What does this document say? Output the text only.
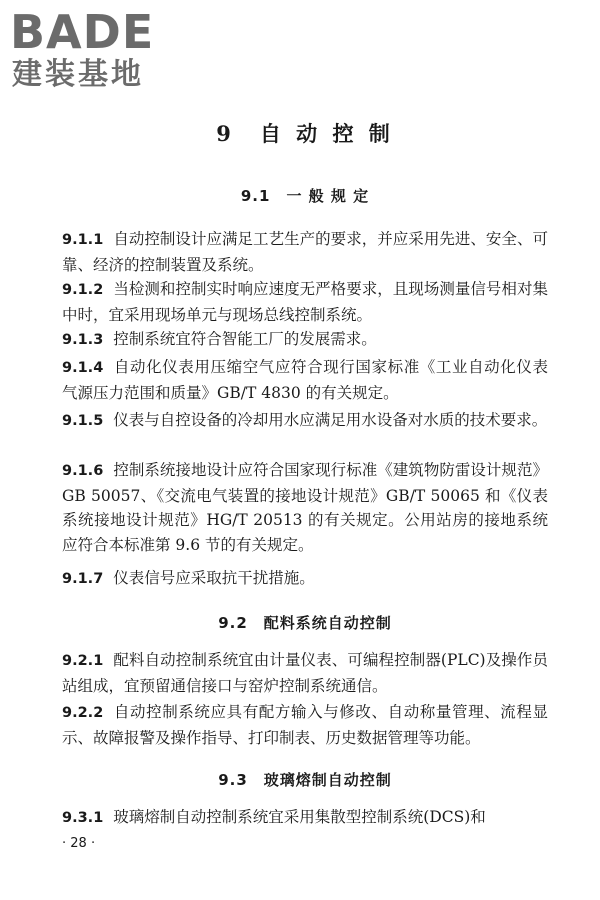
BADE
建装基地
9　自 动 控 制
9.1　一 般 规 定
9.1.1 自动控制设计应满足工艺生产的要求，并应采用先进、安全、可靠、经济的控制装置及系统。
9.1.2 当检测和控制实时响应速度无严格要求，且现场测量信号相对集中时，宜采用现场单元与现场总线控制系统。
9.1.3 控制系统宜符合智能工厂的发展需求。
9.1.4 自动化仪表用压缩空气应符合现行国家标准《工业自动化仪表　气源压力范围和质量》GB/T 4830 的有关规定。
9.1.5 仪表与自控设备的冷却用水应满足用水设备对水质的技术要求。
9.1.6 控制系统接地设计应符合国家现行标准《建筑物防雷设计规范》GB 50057、《交流电气装置的接地设计规范》GB/T 50065 和《仪表系统接地设计规范》HG/T 20513 的有关规定。公用站房的接地系统应符合本标准第 9.6 节的有关规定。
9.1.7 仪表信号应采取抗干扰措施。
9.2　配料系统自动控制
9.2.1 配料自动控制系统宜由计量仪表、可编程控制器(PLC)及操作员站组成，宜预留通信接口与窑炉控制系统通信。
9.2.2 自动控制系统应具有配方输入与修改、自动称量管理、流程显示、故障报警及操作指导、打印制表、历史数据管理等功能。
9.3　玻璃熔制自动控制
9.3.1 玻璃熔制自动控制系统宜采用集散型控制系统(DCS)和
· 28 ·
